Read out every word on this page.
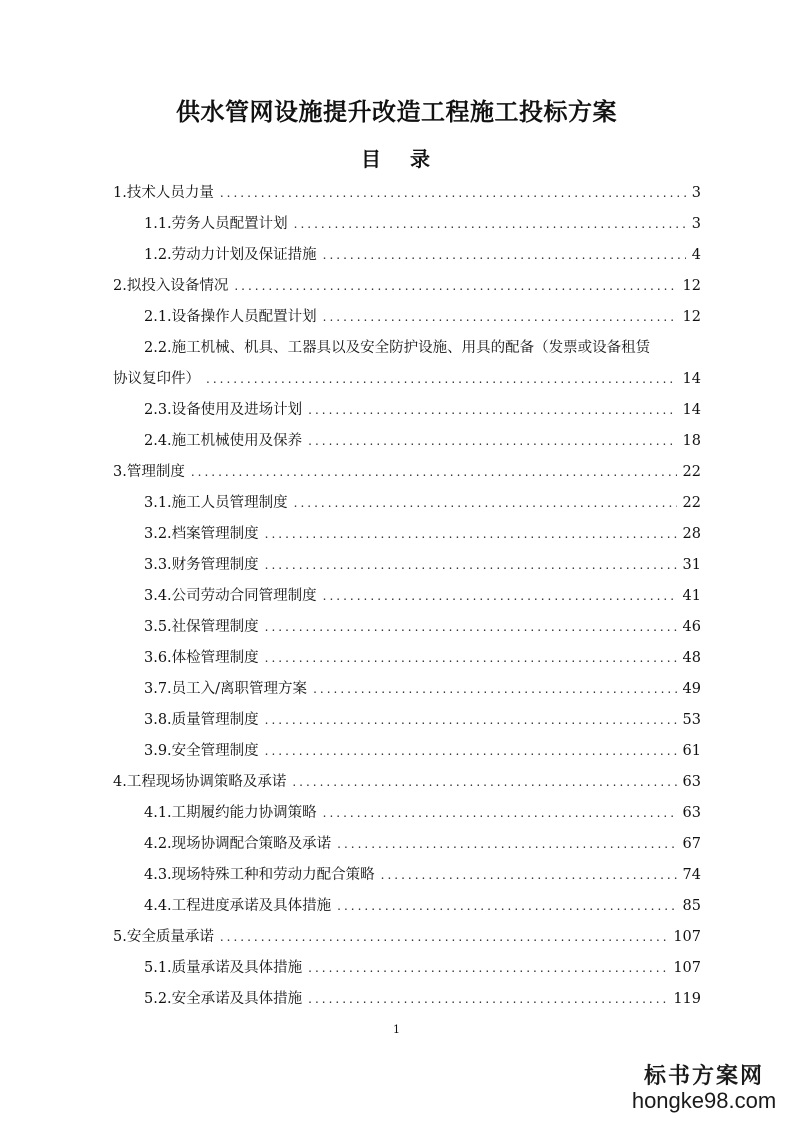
供水管网设施提升改造工程施工投标方案
目 录
1.技术人员力量 .....	3
1.1.劳务人员配置计划 .....	3
1.2.劳动力计划及保证措施 .....	4
2.拟投入设备情况 .....	12
2.1.设备操作人员配置计划 .....	12
2.2.施工机械、机具、工器具以及安全防护设施、用具的配备（发票或设备租赁
协议复印件） .....	14
2.3.设备使用及进场计划 .....	14
2.4.施工机械使用及保养 .....	18
3.管理制度 .....	22
3.1.施工人员管理制度 .....	22
3.2.档案管理制度 .....	28
3.3.财务管理制度 .....	31
3.4.公司劳动合同管理制度 .....	41
3.5.社保管理制度 .....	46
3.6.体检管理制度 .....	48
3.7.员工入/离职管理方案 .....	49
3.8.质量管理制度 .....	53
3.9.安全管理制度 .....	61
4.工程现场协调策略及承诺 .....	63
4.1.工期履约能力协调策略 .....	63
4.2.现场协调配合策略及承诺 .....	67
4.3.现场特殊工种和劳动力配合策略 .....	74
4.4.工程进度承诺及具体措施 .....	85
5.安全质量承诺 .....	107
5.1.质量承诺及具体措施 .....	107
5.2.安全承诺及具体措施 .....	119
1
标书方案网
hongke98.com
